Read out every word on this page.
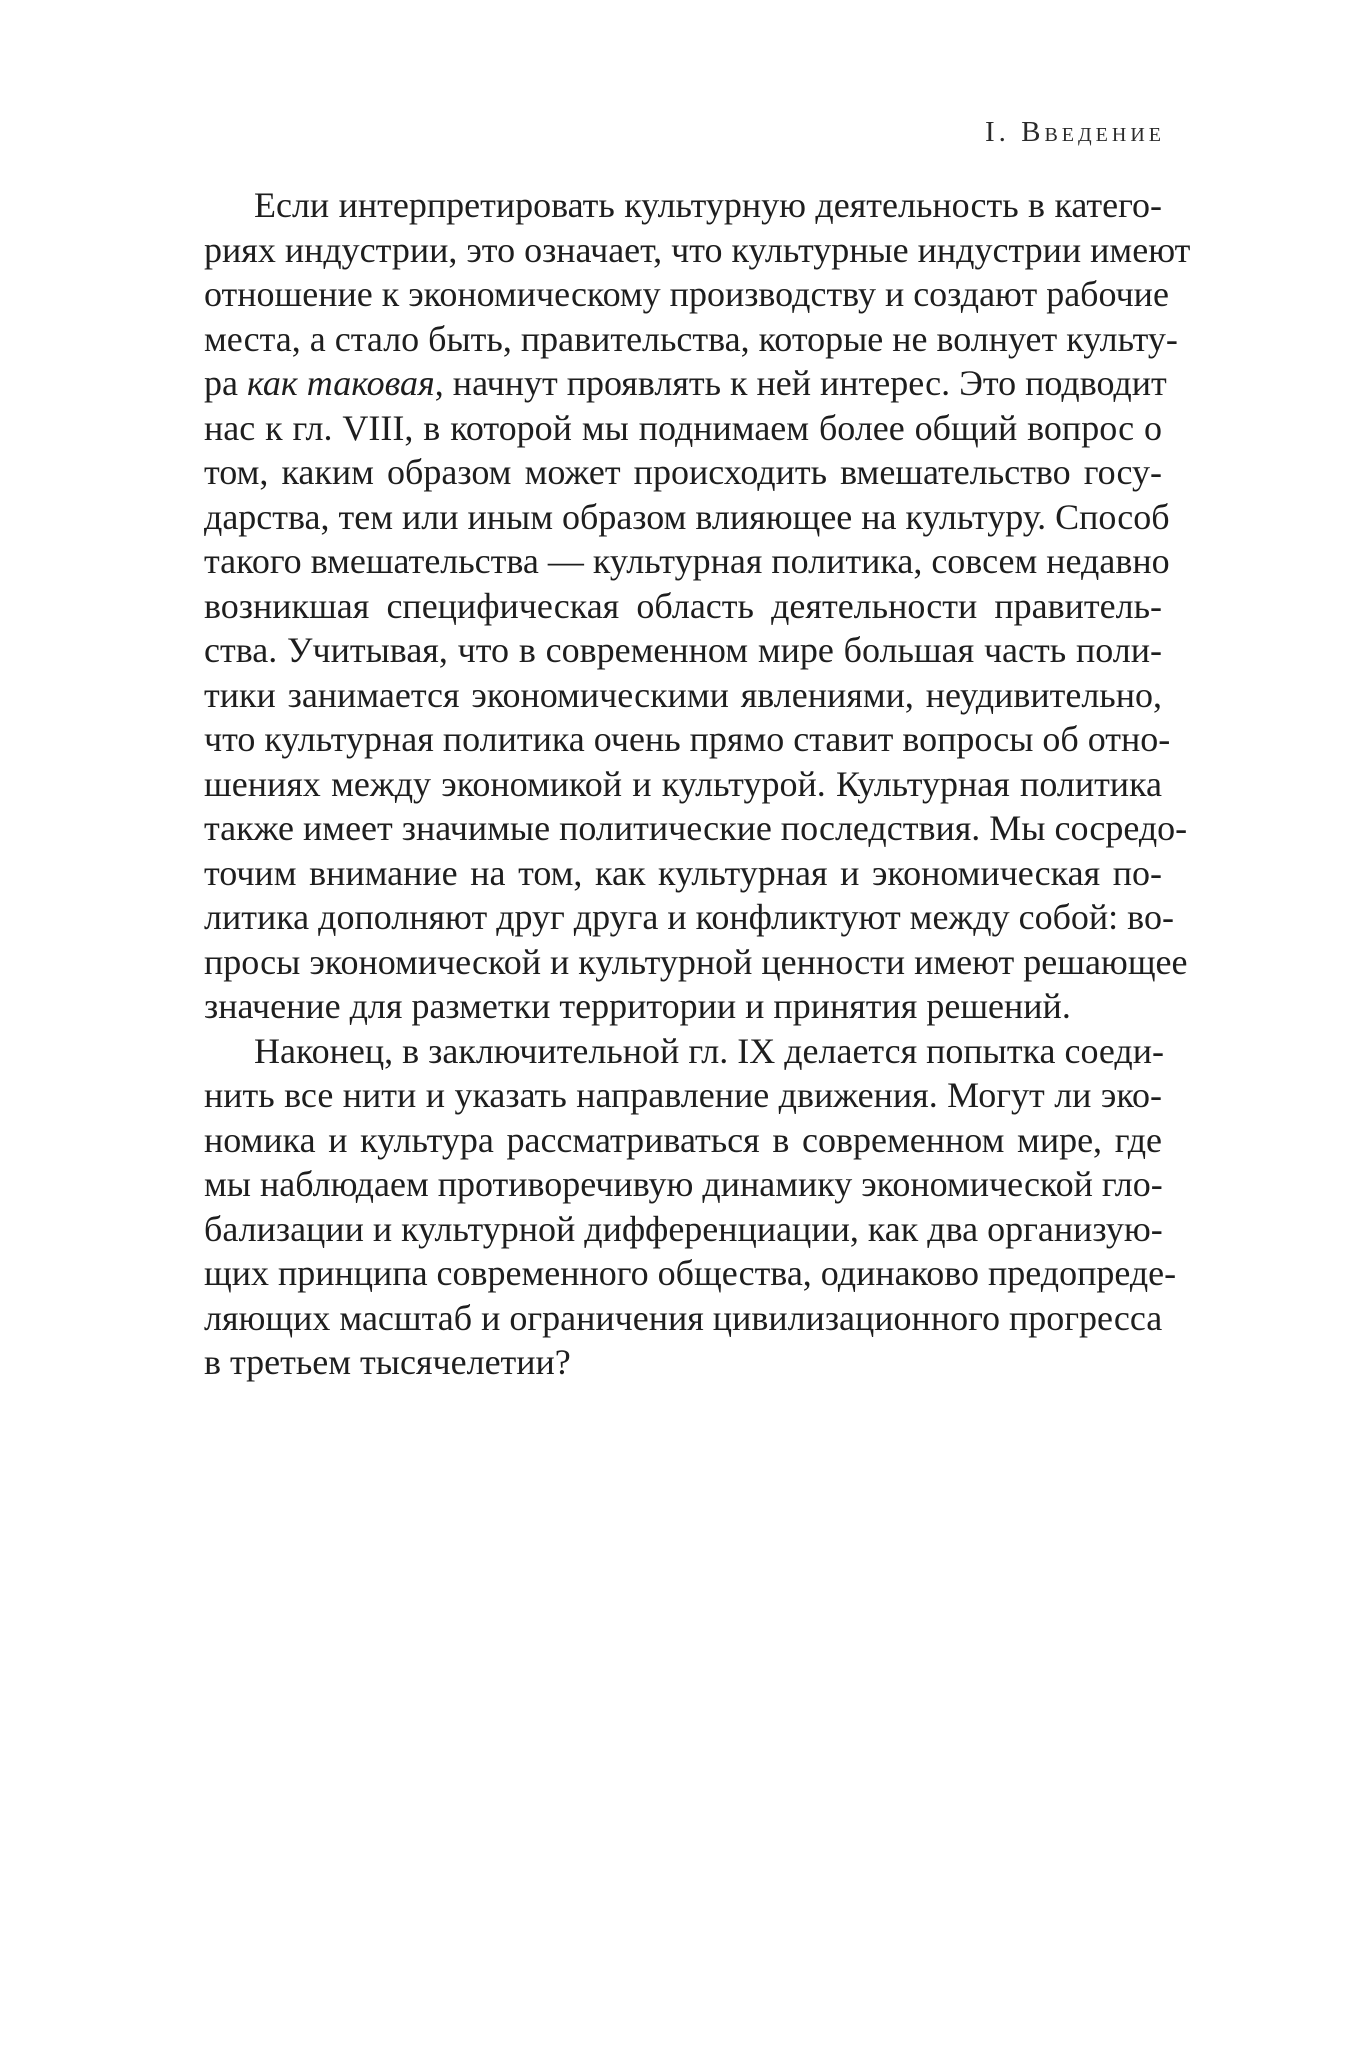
I. Введение
Если интерпретировать культурную деятельность в катего-
риях индустрии, это означает, что культурные индустрии имеют
отношение к экономическому производству и создают рабочие
места, а стало быть, правительства, которые не волнует культу-
ра как таковая, начнут проявлять к ней интерес. Это подводит
нас к гл. VIII, в которой мы поднимаем более общий вопрос о
том, каким образом может происходить вмешательство госу-
дарства, тем или иным образом влияющее на культуру. Способ
такого вмешательства — культурная политика, совсем недавно
возникшая специфическая область деятельности правитель-
ства. Учитывая, что в современном мире большая часть поли-
тики занимается экономическими явлениями, неудивительно,
что культурная политика очень прямо ставит вопросы об отно-
шениях между экономикой и культурой. Культурная политика
также имеет значимые политические последствия. Мы сосредо-
точим внимание на том, как культурная и экономическая по-
литика дополняют друг друга и конфликтуют между собой: во-
просы экономической и культурной ценности имеют решающее
значение для разметки территории и принятия решений.
Наконец, в заключительной гл. IX делается попытка соеди-
нить все нити и указать направление движения. Могут ли эко-
номика и культура рассматриваться в современном мире, где
мы наблюдаем противоречивую динамику экономической гло-
бализации и культурной дифференциации, как два организую-
щих принципа современного общества, одинаково предопреде-
ляющих масштаб и ограничения цивилизационного прогресса
в третьем тысячелетии?
